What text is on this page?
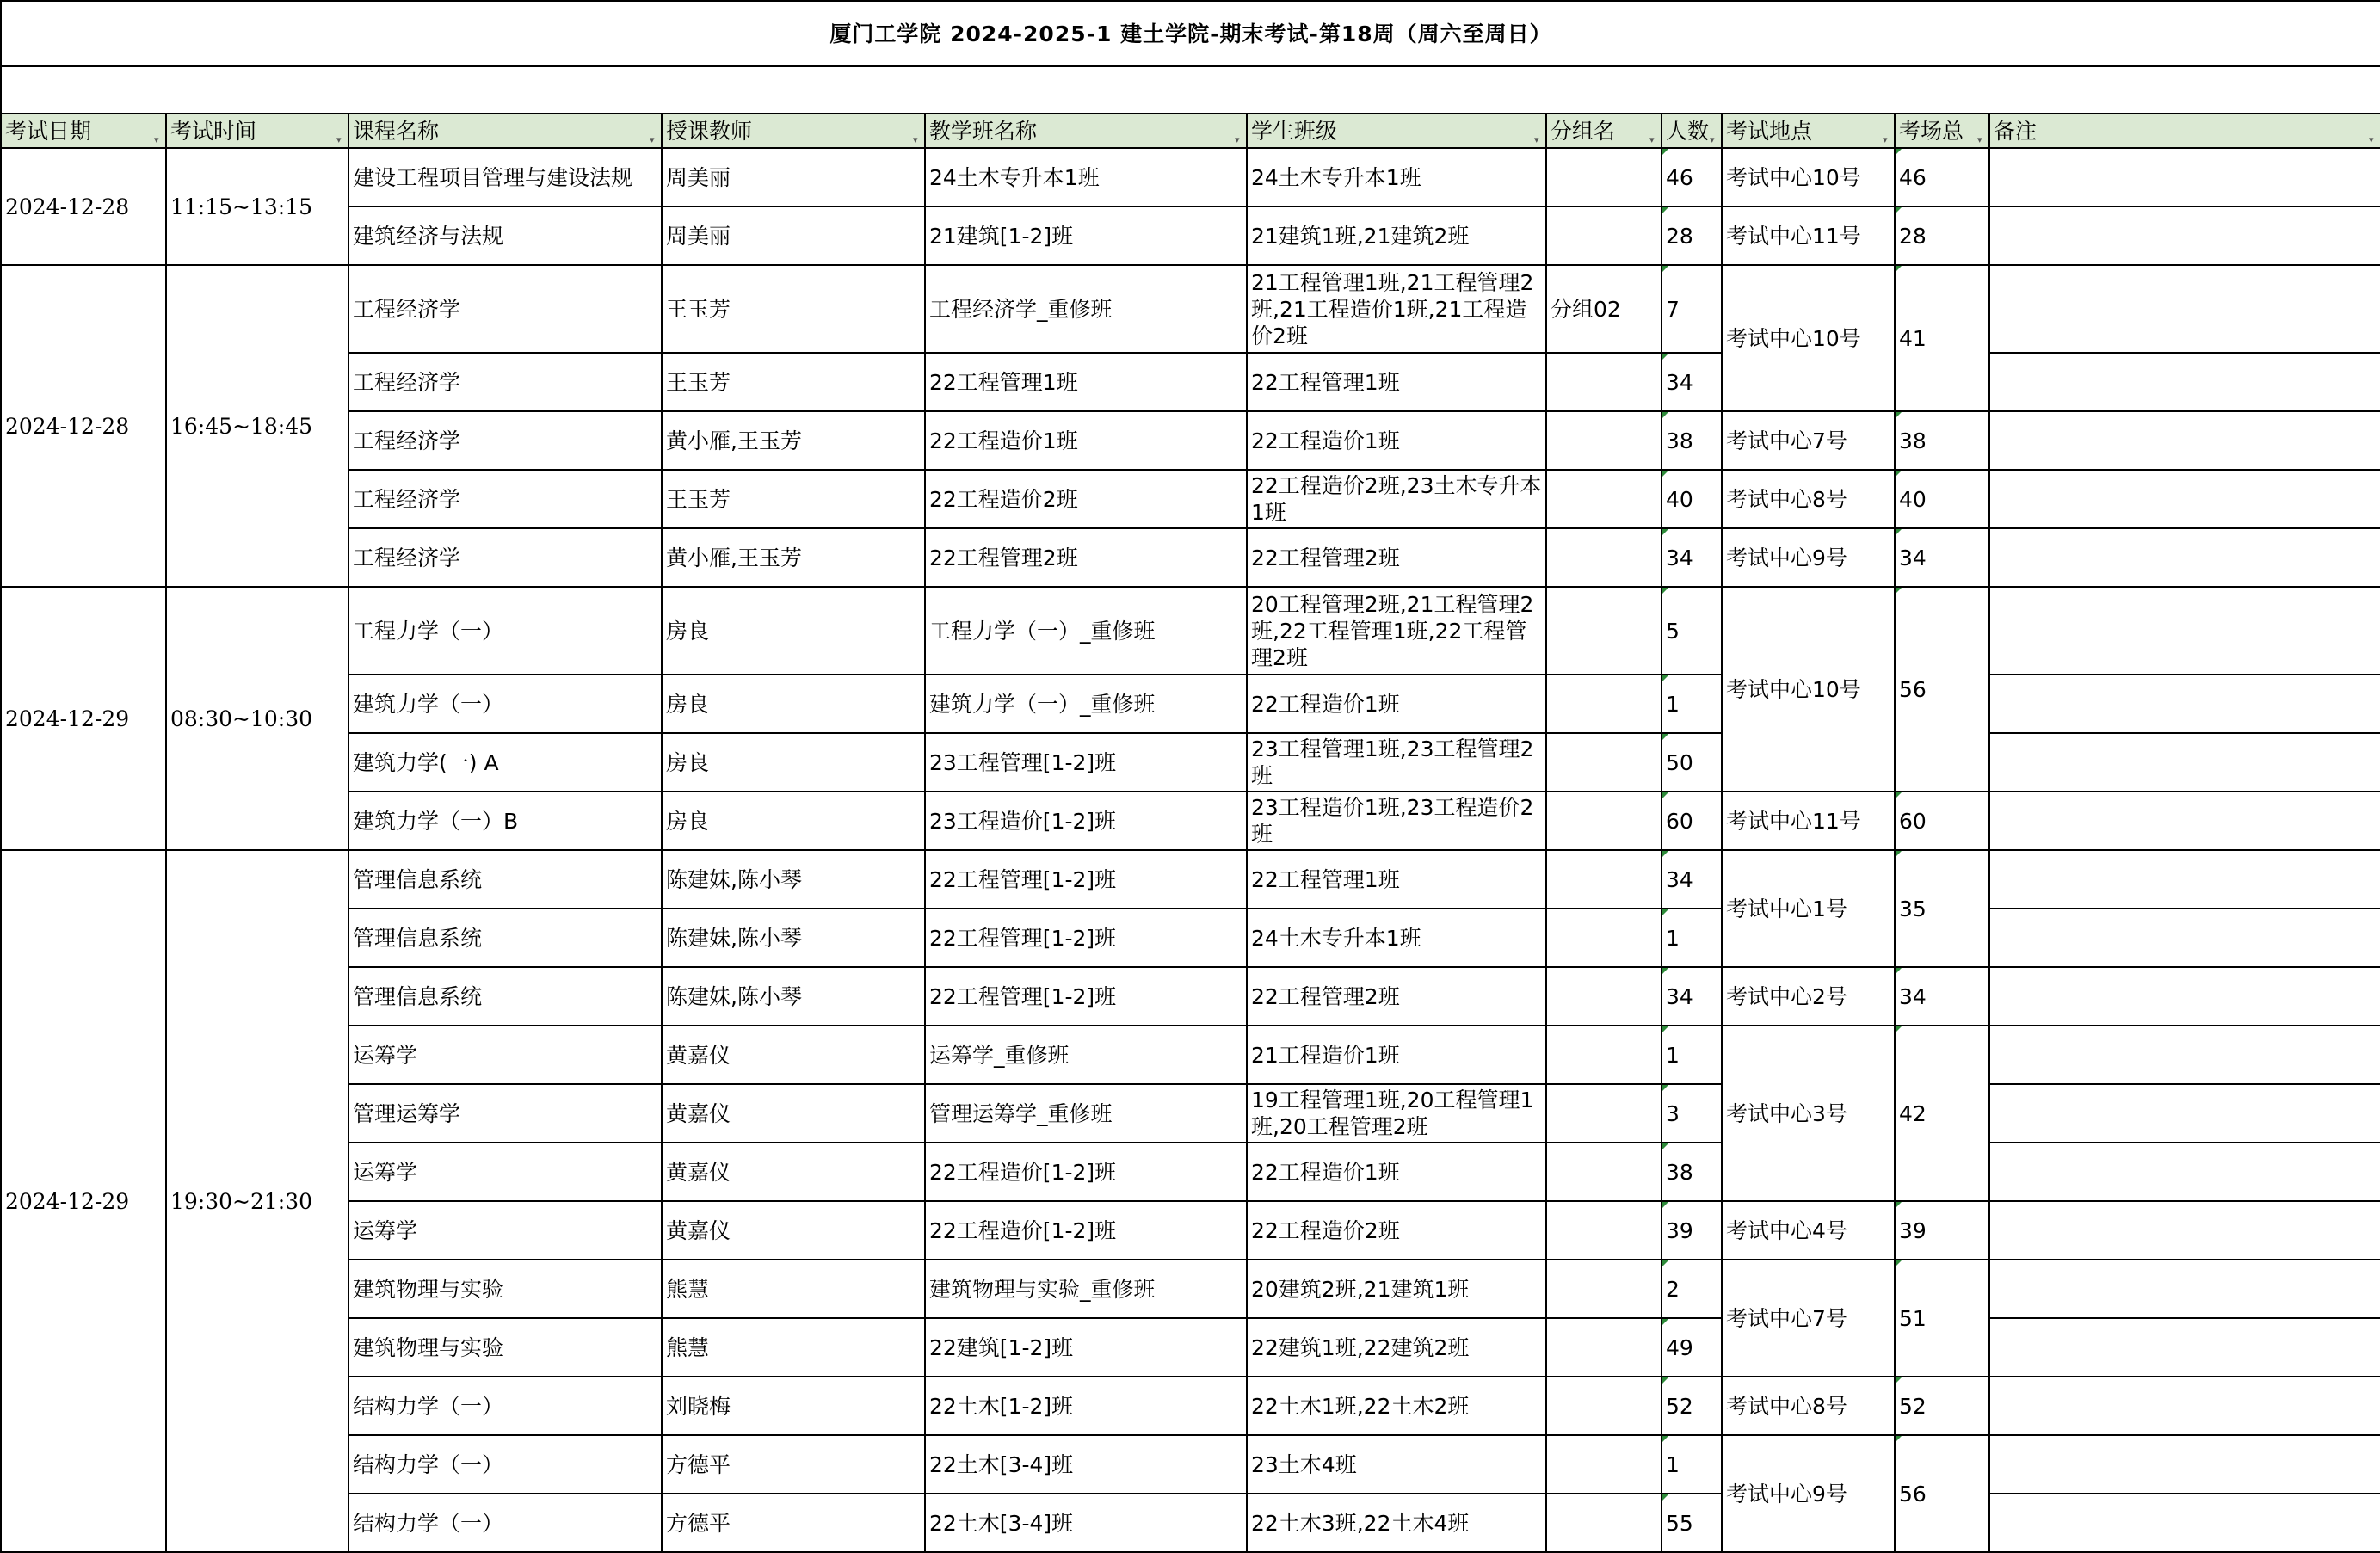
厦门工学院 2024-2025-1 建土学院-期末考试-第18周（周六至周日）										

考试日期 ▾	考试时间 ▾	课程名称 ▾	授课教师 ▾	教学班名称 ▾	学生班级 ▾	分组名 ▾	人数 ▾	考试地点 ▾	考场总 ▾	备注 ▾

2024-12-28	11:15~13:15	建设工程项目管理与建设法规	周美丽	24土木专升本1班	24土木专升本1班		46	考试中心10号	46	
		建筑经济与法规	周美丽	21建筑[1-2]班	21建筑1班,21建筑2班		28	考试中心11号	28	
2024-12-28	16:45~18:45	工程经济学	王玉芳	工程经济学_重修班	21工程管理1班,21工程管理2班,21工程造价1班,21工程造价2班	分组02	7	考试中心10号	41	
		工程经济学	王玉芳	22工程管理1班	22工程管理1班		34			
		工程经济学	黄小雁,王玉芳	22工程造价1班	22工程造价1班		38	考试中心7号	38	
		工程经济学	王玉芳	22工程造价2班	22工程造价2班,23土木专升本1班		40	考试中心8号	40	
		工程经济学	黄小雁,王玉芳	22工程管理2班	22工程管理2班		34	考试中心9号	34	
2024-12-29	08:30~10:30	工程力学（一）	房良	工程力学（一）_重修班	20工程管理2班,21工程管理2班,22工程管理1班,22工程管理2班		5	考试中心10号	56	
		建筑力学（一）	房良	建筑力学（一）_重修班	22工程造价1班		1			
		建筑力学(一) A	房良	23工程管理[1-2]班	23工程管理1班,23工程管理2班		50			
		建筑力学（一）B	房良	23工程造价[1-2]班	23工程造价1班,23工程造价2班		60	考试中心11号	60	
2024-12-29	19:30~21:30	管理信息系统	陈建妹,陈小琴	22工程管理[1-2]班	22工程管理1班		34	考试中心1号	35	
		管理信息系统	陈建妹,陈小琴	22工程管理[1-2]班	24土木专升本1班		1			
		管理信息系统	陈建妹,陈小琴	22工程管理[1-2]班	22工程管理2班		34	考试中心2号	34	
		运筹学	黄嘉仪	运筹学_重修班	21工程造价1班		1	考试中心3号	42	
		管理运筹学	黄嘉仪	管理运筹学_重修班	19工程管理1班,20工程管理1班,20工程管理2班		3			
		运筹学	黄嘉仪	22工程造价[1-2]班	22工程造价1班		38			
		运筹学	黄嘉仪	22工程造价[1-2]班	22工程造价2班		39	考试中心4号	39	
		建筑物理与实验	熊慧	建筑物理与实验_重修班	20建筑2班,21建筑1班		2	考试中心7号	51	
		建筑物理与实验	熊慧	22建筑[1-2]班	22建筑1班,22建筑2班		49			
		结构力学（一）	刘晓梅	22土木[1-2]班	22土木1班,22土木2班		52	考试中心8号	52	
		结构力学（一）	方德平	22土木[3-4]班	23土木4班		1	考试中心9号	56	
		结构力学（一）	方德平	22土木[3-4]班	22土木3班,22土木4班		55			
